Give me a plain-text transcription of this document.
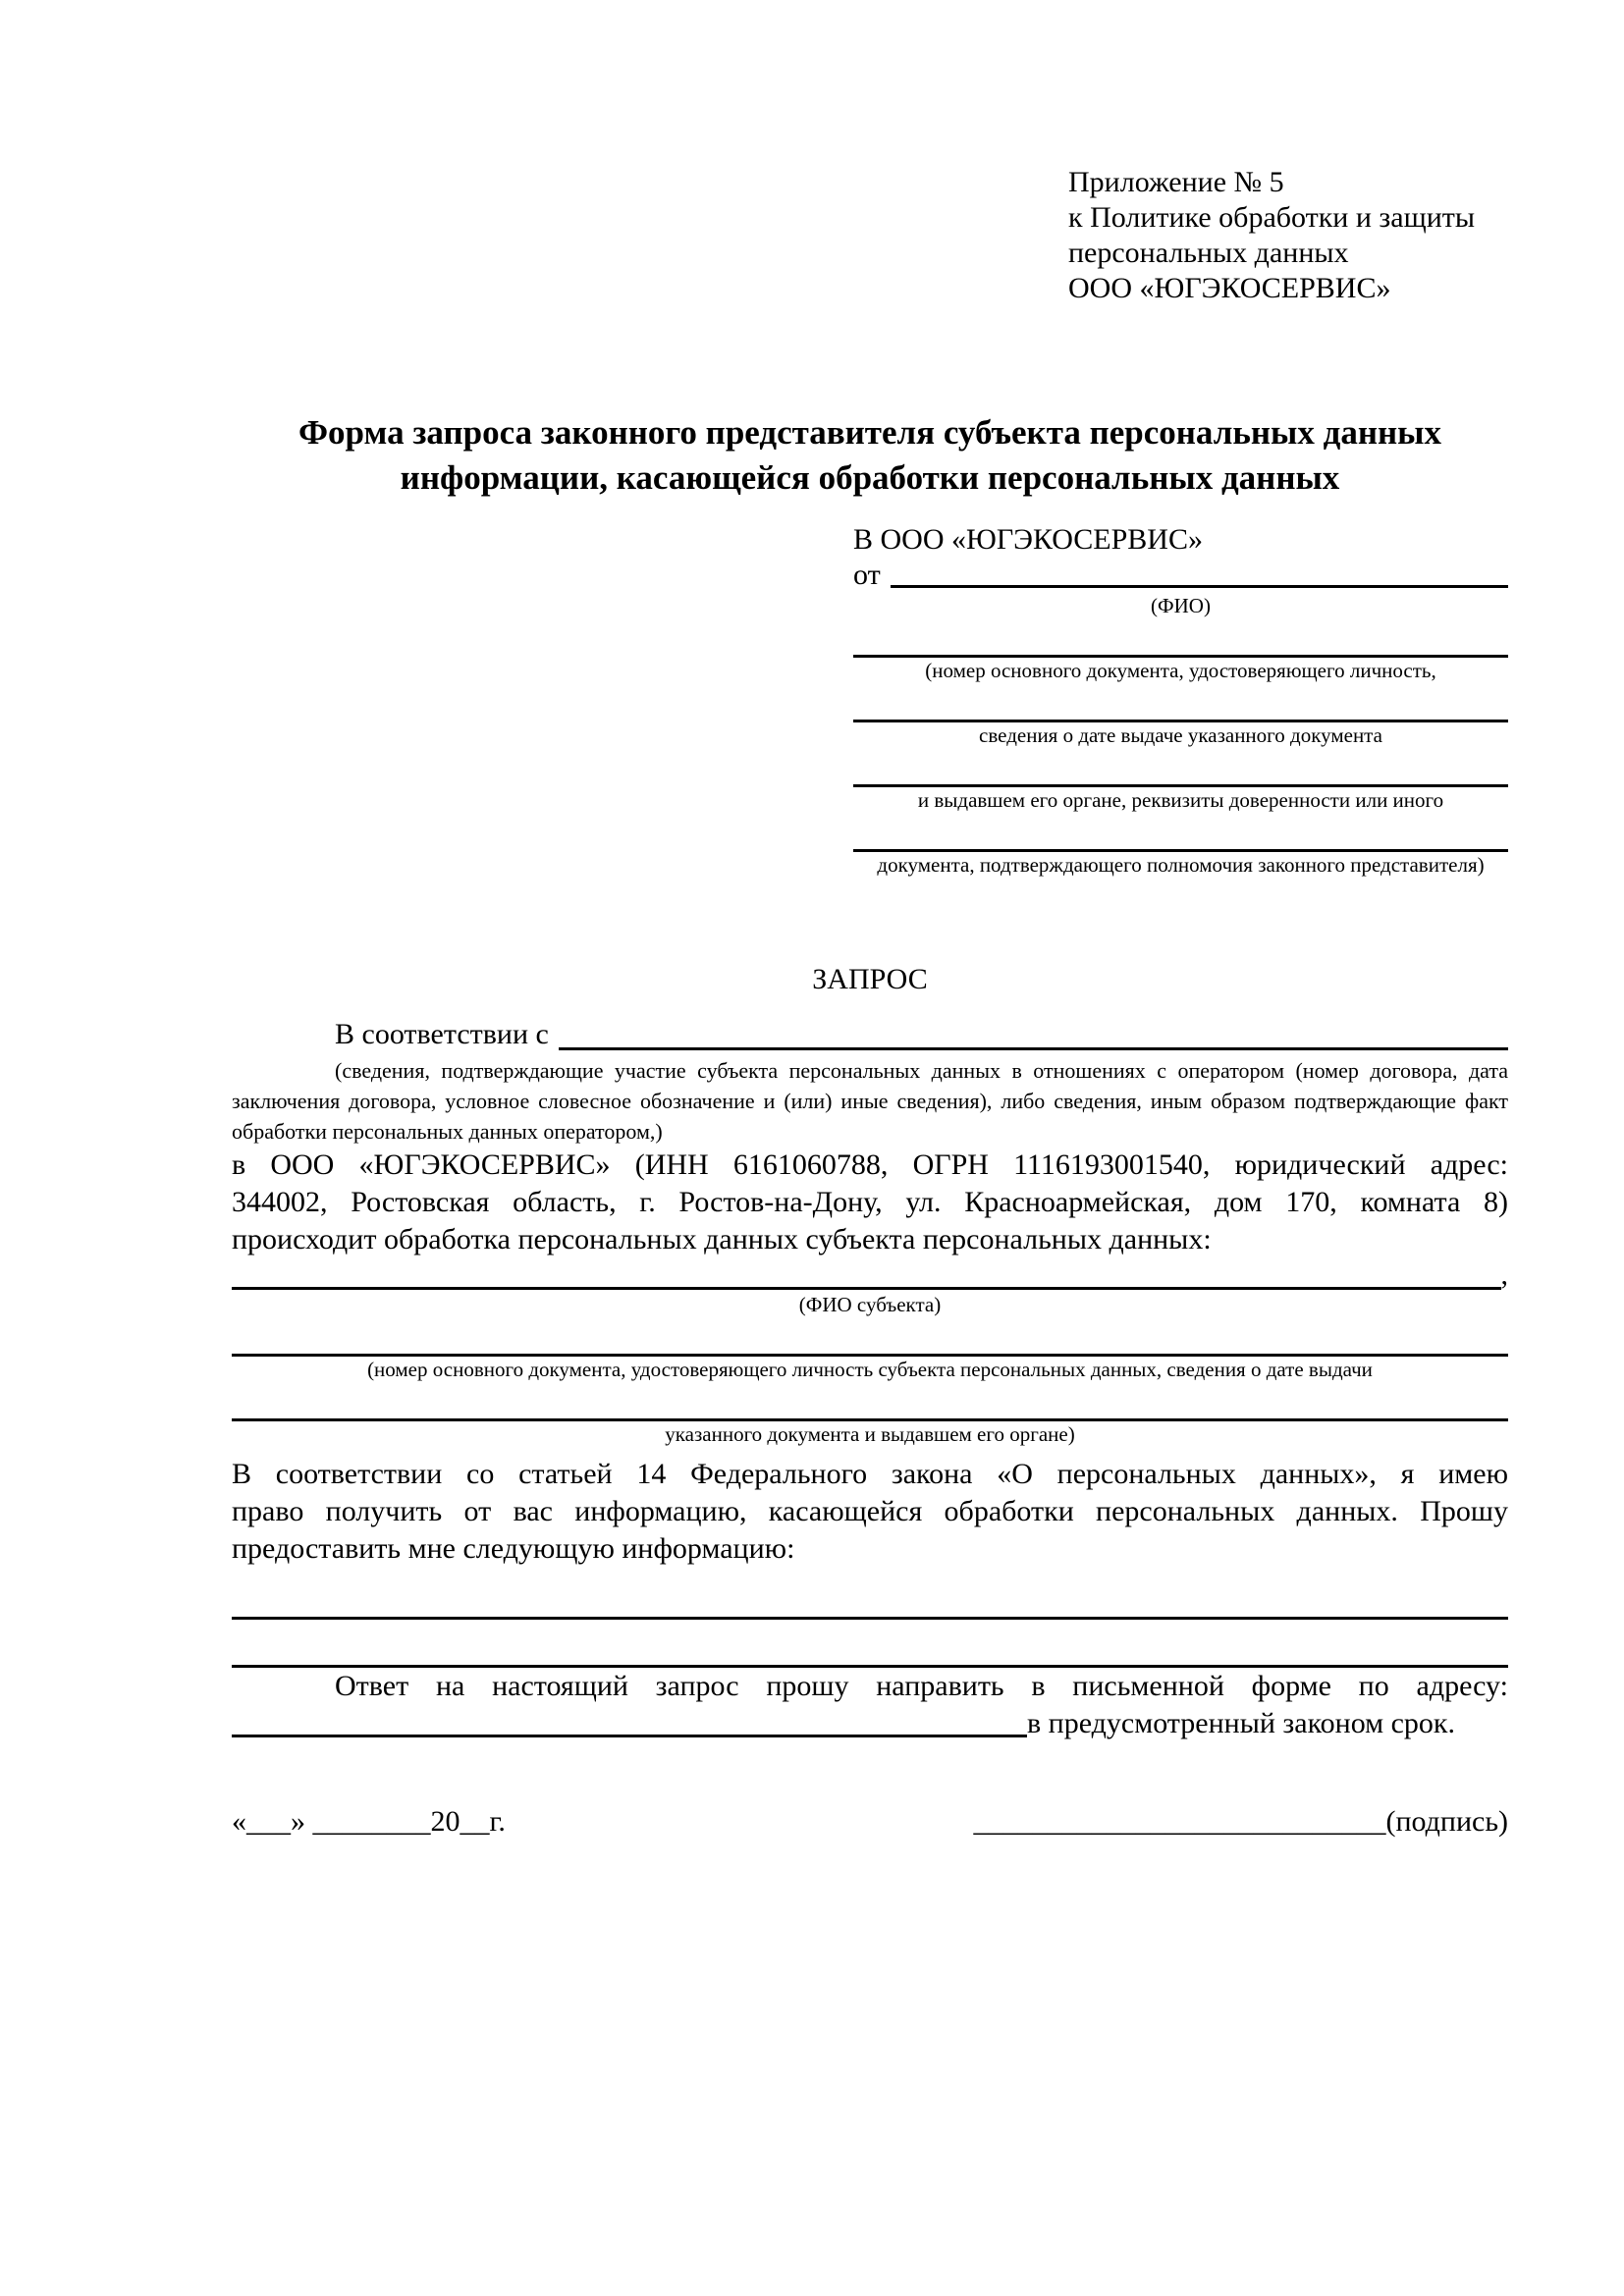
Приложение № 5
к Политике обработки и защиты
персональных данных
ООО «ЮГЭКОСЕРВИС»
Форма запроса законного представителя субъекта персональных данных
информации, касающейся обработки персональных данных
В ООО «ЮГЭКОСЕРВИС»
от
(ФИО)
(номер основного документа, удостоверяющего личность,
сведения о дате выдаче указанного документа
и выдавшем его органе, реквизиты доверенности или иного
документа, подтверждающего полномочия законного представителя)
ЗАПРОС
В соответствии с
(сведения, подтверждающие участие субъекта персональных данных в отношениях с оператором (номер договора, дата
заключения договора, условное словесное обозначение и (или) иные сведения), либо сведения, иным образом подтверждающие факт
обработки персональных данных оператором,)
в ООО «ЮГЭКОСЕРВИС» (ИНН 6161060788, ОГРН 1116193001540, юридический адрес:
344002, Ростовская область, г. Ростов-на-Дону, ул. Красноармейская, дом 170, комната 8)
происходит обработка персональных данных субъекта персональных данных:
,
(ФИО субъекта)
(номер основного документа, удостоверяющего личность субъекта персональных данных, сведения о дате выдачи
указанного документа и выдавшем его органе)
В соответствии со статьей 14 Федерального закона «О персональных данных», я имею
право получить от вас информацию, касающейся обработки персональных данных. Прошу
предоставить мне следующую информацию:
Ответ на настоящий запрос прошу направить в письменной форме по адресу:
в предусмотренный законом срок.
«___» ________20__г.	____________________________(подпись)
